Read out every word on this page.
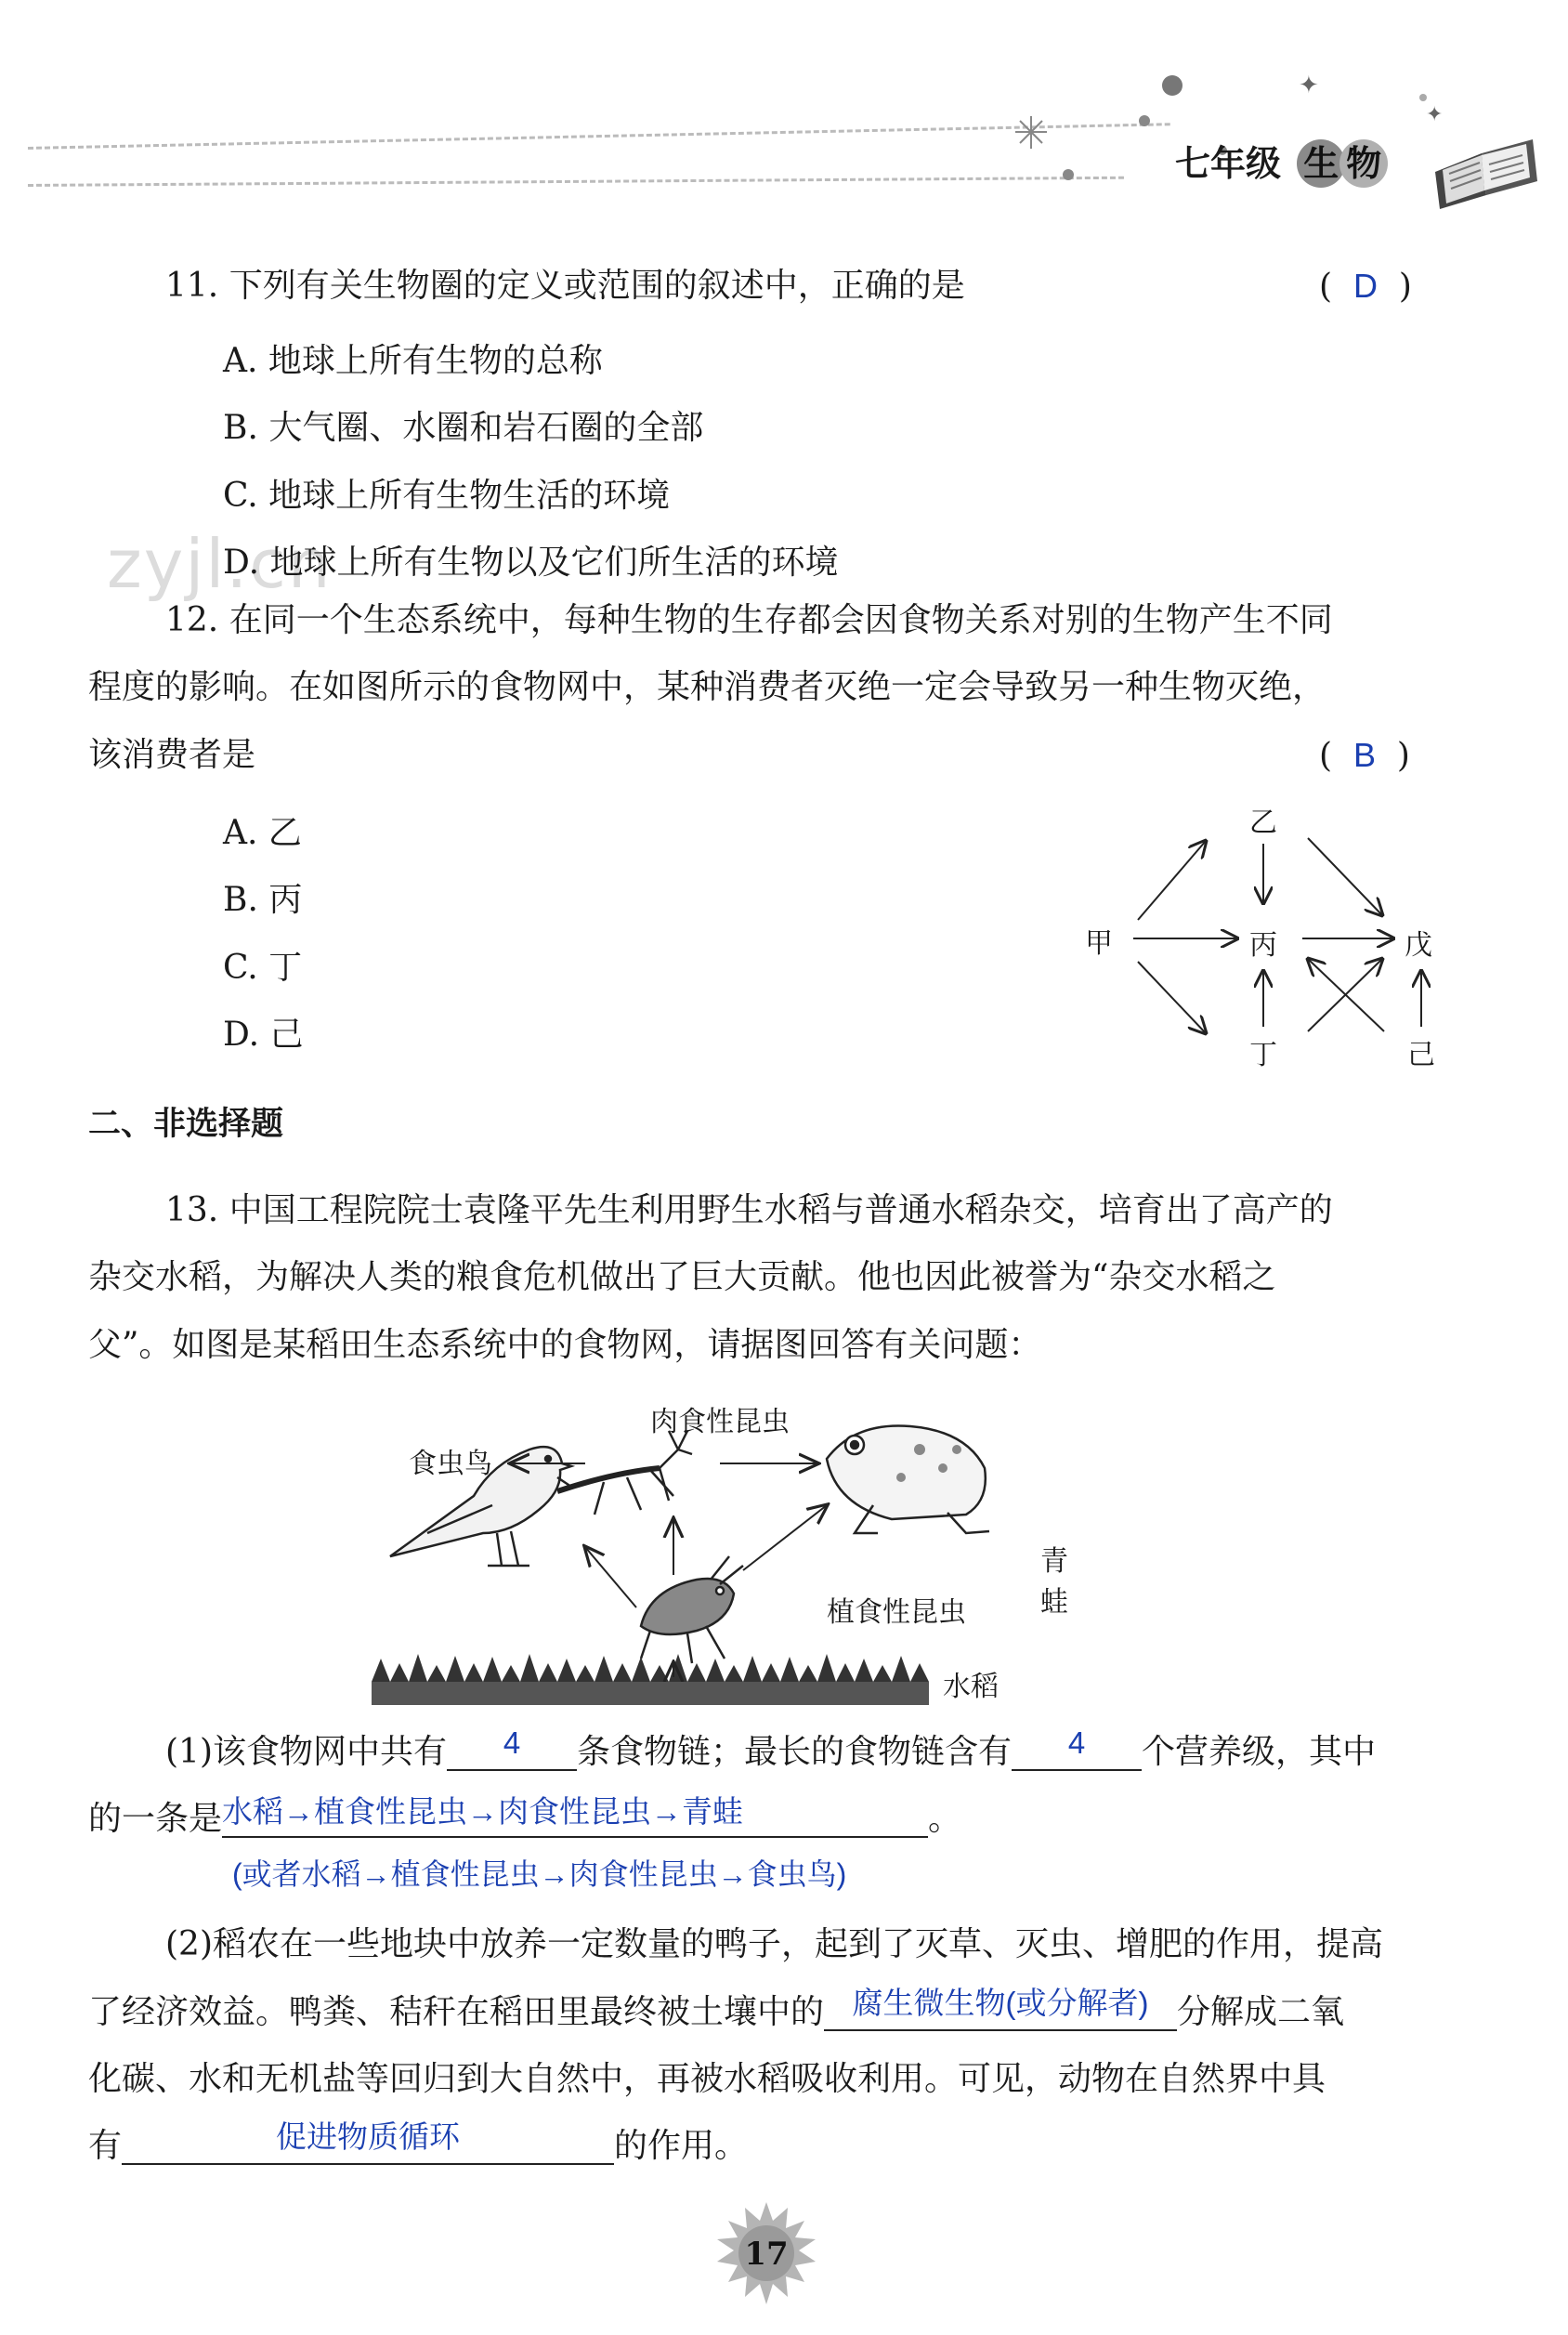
✦
✦
七年级 生 物
zyjl.cn
11. 下列有关生物圈的定义或范围的叙述中，正确的是	(  D  )
A. 地球上所有生物的总称
B. 大气圈、水圈和岩石圈的全部
C. 地球上所有生物生活的环境
D. 地球上所有生物以及它们所生活的环境
12. 在同一个生态系统中，每种生物的生存都会因食物关系对别的生物产生不同
程度的影响。在如图所示的食物网中，某种消费者灭绝一定会导致另一种生物灭绝，
该消费者是	(  B  )
A. 乙
B. 丙
C. 丁
D. 己
甲
乙
丙
丁
戊
己
二、非选择题
13. 中国工程院院士袁隆平先生利用野生水稻与普通水稻杂交，培育出了高产的
杂交水稻，为解决人类的粮食危机做出了巨大贡献。他也因此被誉为“杂交水稻之
父”。如图是某稻田生态系统中的食物网，请据图回答有关问题：
食虫鸟
肉食性昆虫
青蛙
植食性昆虫
水稻
(1)该食物网中共有 4 条食物链；最长的食物链含有 4 个营养级，其中
的一条是水稻→植食性昆虫→肉食性昆虫→青蛙	。
(或者水稻→植食性昆虫→肉食性昆虫→食虫鸟)
(2)稻农在一些地块中放养一定数量的鸭子，起到了灭草、灭虫、增肥的作用，提高
了经济效益。鸭粪、秸秆在稻田里最终被土壤中的 腐生微生物(或分解者) 分解成二氧
化碳、水和无机盐等回归到大自然中，再被水稻吸收利用。可见，动物在自然界中具
有	促进物质循环	的作用。
17
